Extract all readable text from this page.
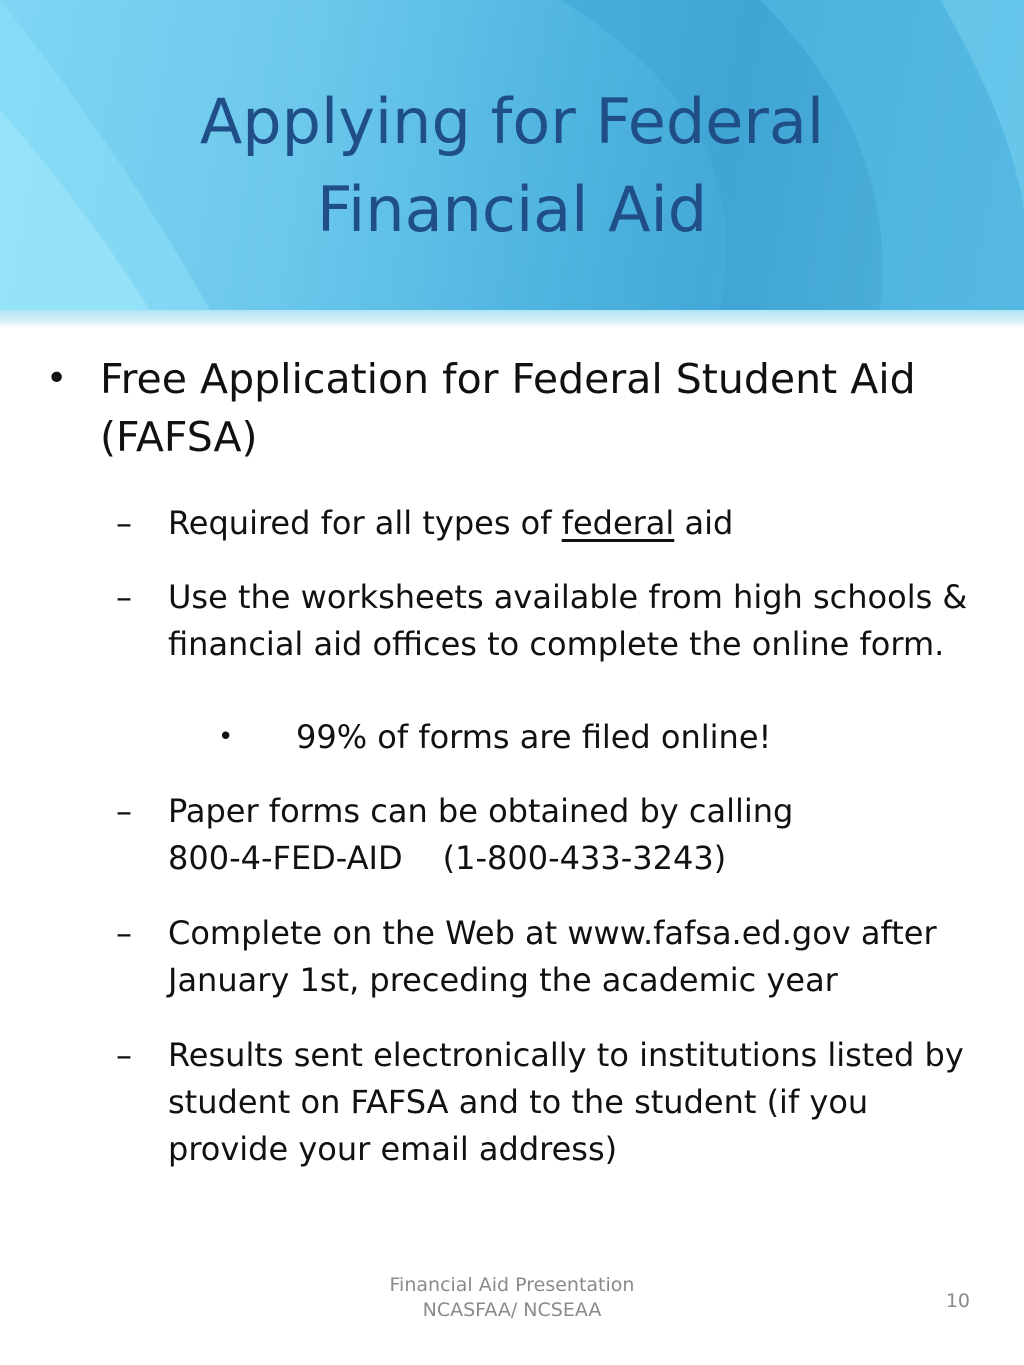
Applying for Federal
Financial Aid
• Free Application for Federal Student Aid
(FAFSA)
– Required for all types of federal aid
– Use the worksheets available from high schools &
financial aid offices to complete the online form.
• 99% of forms are filed online!
– Paper forms can be obtained by calling
800-4-FED-AID (1-800-433-3243)
– Complete on the Web at www.fafsa.ed.gov after
January 1st, preceding the academic year
– Results sent electronically to institutions listed by
student on FAFSA and to the student (if you
provide your email address)
Financial Aid Presentation
NCASFAA/ NCSEAA	10
